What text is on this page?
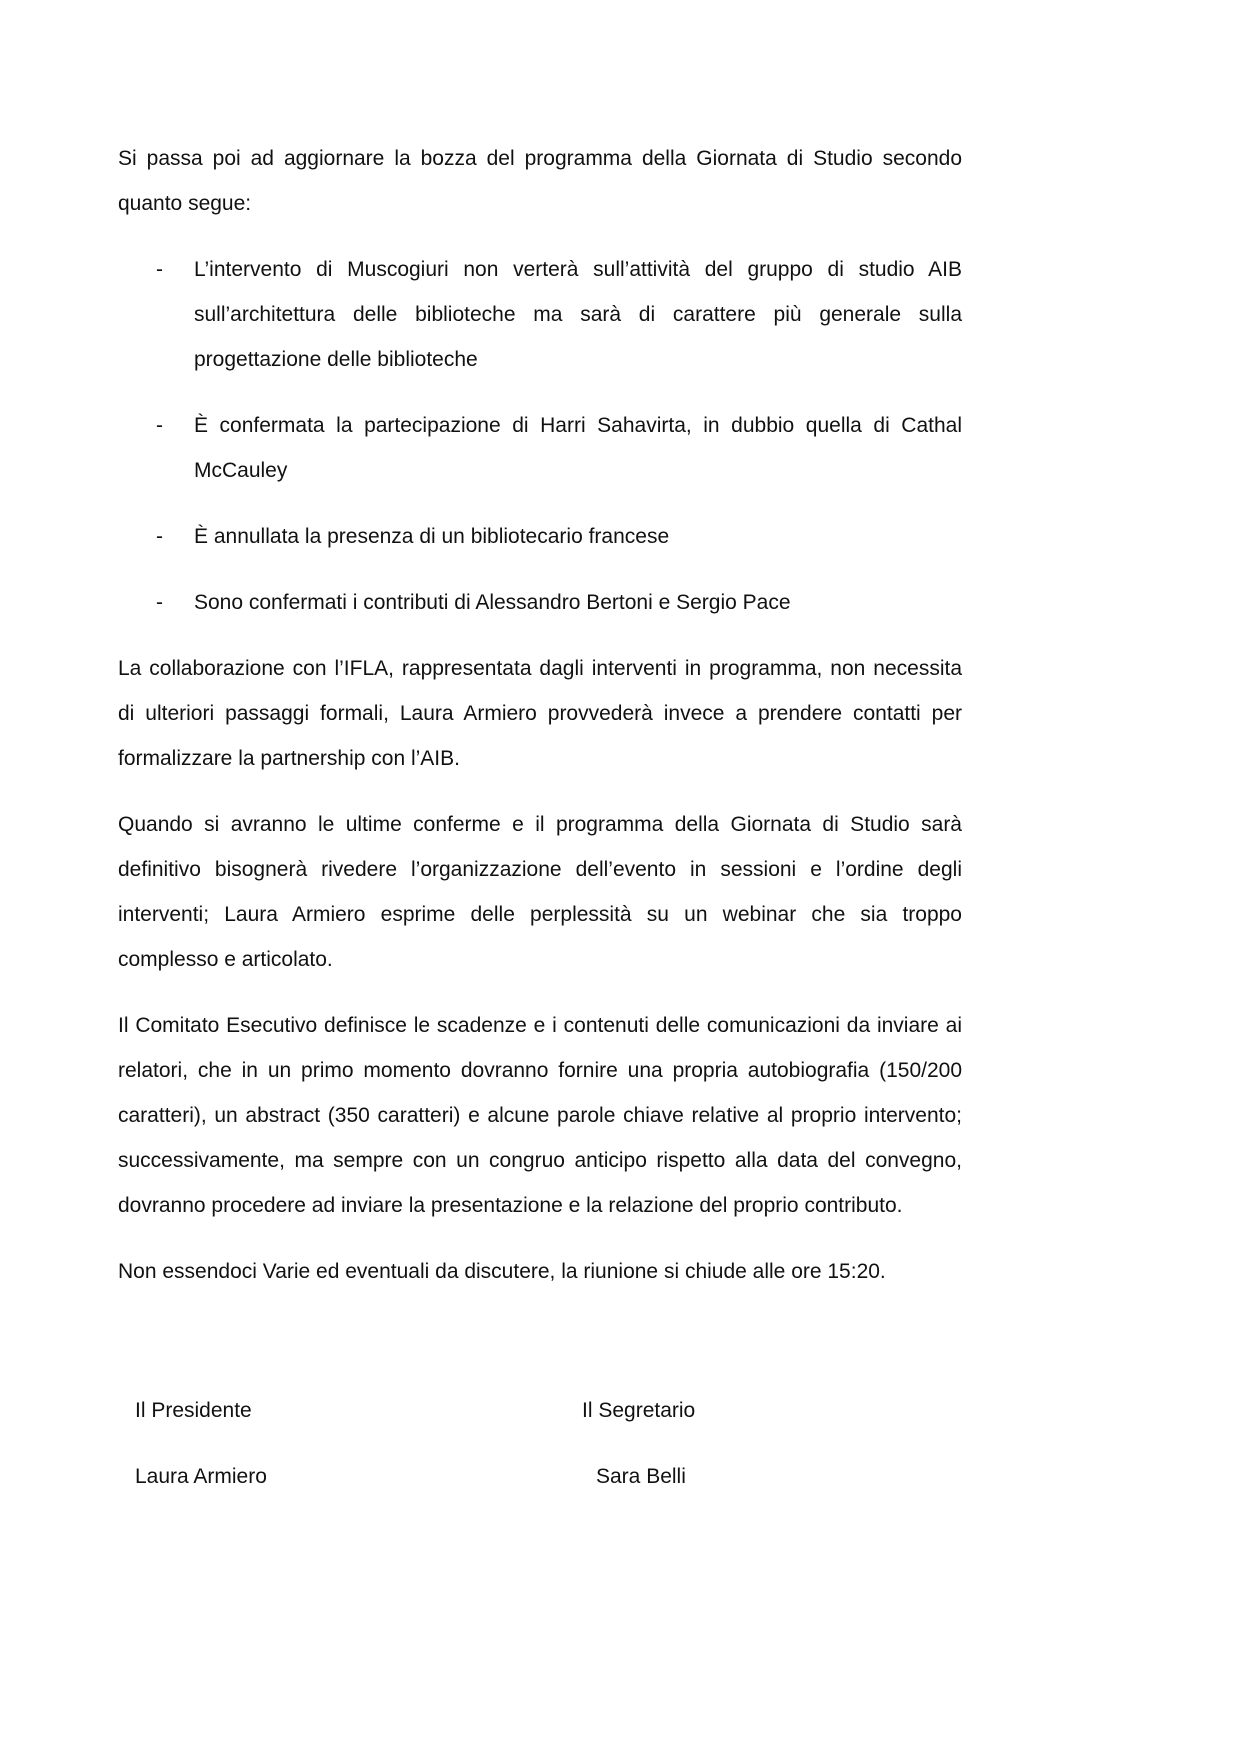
Si passa poi ad aggiornare la bozza del programma della Giornata di Studio secondo quanto segue:

- L’intervento di Muscogiuri non verterà sull’attività del gruppo di studio AIB sull’architettura delle biblioteche ma sarà di carattere più generale sulla progettazione delle biblioteche
- È confermata la partecipazione di Harri Sahavirta, in dubbio quella di Cathal McCauley
- È annullata la presenza di un bibliotecario francese
- Sono confermati i contributi di Alessandro Bertoni e Sergio Pace

La collaborazione con l’IFLA, rappresentata dagli interventi in programma, non necessita di ulteriori passaggi formali, Laura Armiero provvederà invece a prendere contatti per formalizzare la partnership con l’AIB.

Quando si avranno le ultime conferme e il programma della Giornata di Studio sarà definitivo bisognerà rivedere l’organizzazione dell’evento in sessioni e l’ordine degli interventi; Laura Armiero esprime delle perplessità su un webinar che sia troppo complesso e articolato.

Il Comitato Esecutivo definisce le scadenze e i contenuti delle comunicazioni da inviare ai relatori, che in un primo momento dovranno fornire una propria autobiografia (150/200 caratteri), un abstract (350 caratteri) e alcune parole chiave relative al proprio intervento; successivamente, ma sempre con un congruo anticipo rispetto alla data del convegno, dovranno procedere ad inviare la presentazione e la relazione del proprio contributo.

Non essendoci Varie ed eventuali da discutere, la riunione si chiude alle ore 15:20.

Il Presidente
Laura Armiero
Il Segretario
Sara Belli
